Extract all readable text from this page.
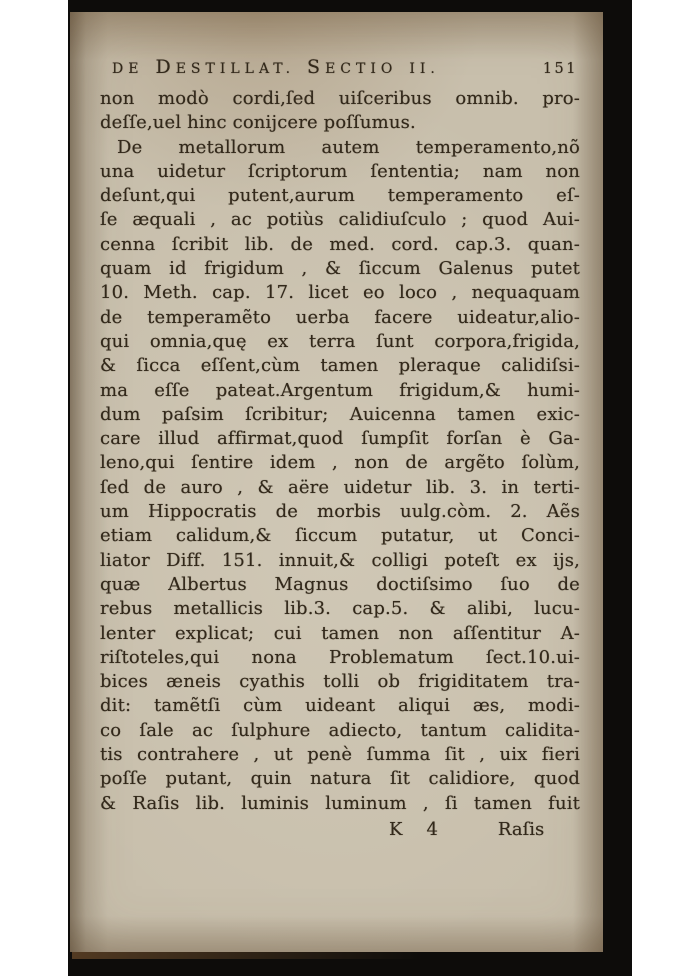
DE DESTILLAT. SECTIO II.	151
non modò cordi,ſed uiſceribus omnib. pro-
deſſe,uel hinc conijcere poſſumus.
De metallorum autem temperamento,nõ
una uidetur ſcriptorum ſententia; nam non
deſunt,qui putent,aurum temperamento eſ-
ſe æquali , ac potiùs calidiuſculo ; quod Aui-
cenna ſcribit lib. de med. cord. cap.3. quan-
quam id frigidum , & ſiccum Galenus putet
10. Meth. cap. 17. licet eo loco , nequaquam
de temperamẽto uerba facere uideatur,alio-
qui omnia,quę ex terra ſunt corpora,frigida,
& ſicca eſſent,cùm tamen pleraque calidiſsi-
ma eſſe pateat.Argentum frigidum,& humi-
dum paſsim ſcribitur; Auicenna tamen exic-
care illud affirmat,quod ſumpſit forſan è Ga-
leno,qui ſentire idem , non de argẽto ſolùm,
ſed de auro , & aëre uidetur lib. 3. in terti-
um Hippocratis de morbis uulg.còm. 2. Aẽs
etiam calidum,& ſiccum putatur, ut Conci-
liator Diff. 151. innuit,& colligi poteſt ex ijs,
quæ Albertus Magnus doctiſsimo ſuo de
rebus metallicis lib.3. cap.5. & alibi, lucu-
lenter explicat; cui tamen non aſſentitur A-
riſtoteles,qui nona Problematum ſect.10.ui-
bices æneis cyathis tolli ob frigiditatem tra-
dit: tamẽtſi cùm uideant aliqui æs, modi-
co ſale ac ſulphure adiecto, tantum calidita-
tis contrahere , ut penè ſumma ſit , uix fieri
poſſe putant, quin natura ſit calidiore, quod
& Raſis lib. luminis luminum , ſi tamen fuit
K 4	Raſis
